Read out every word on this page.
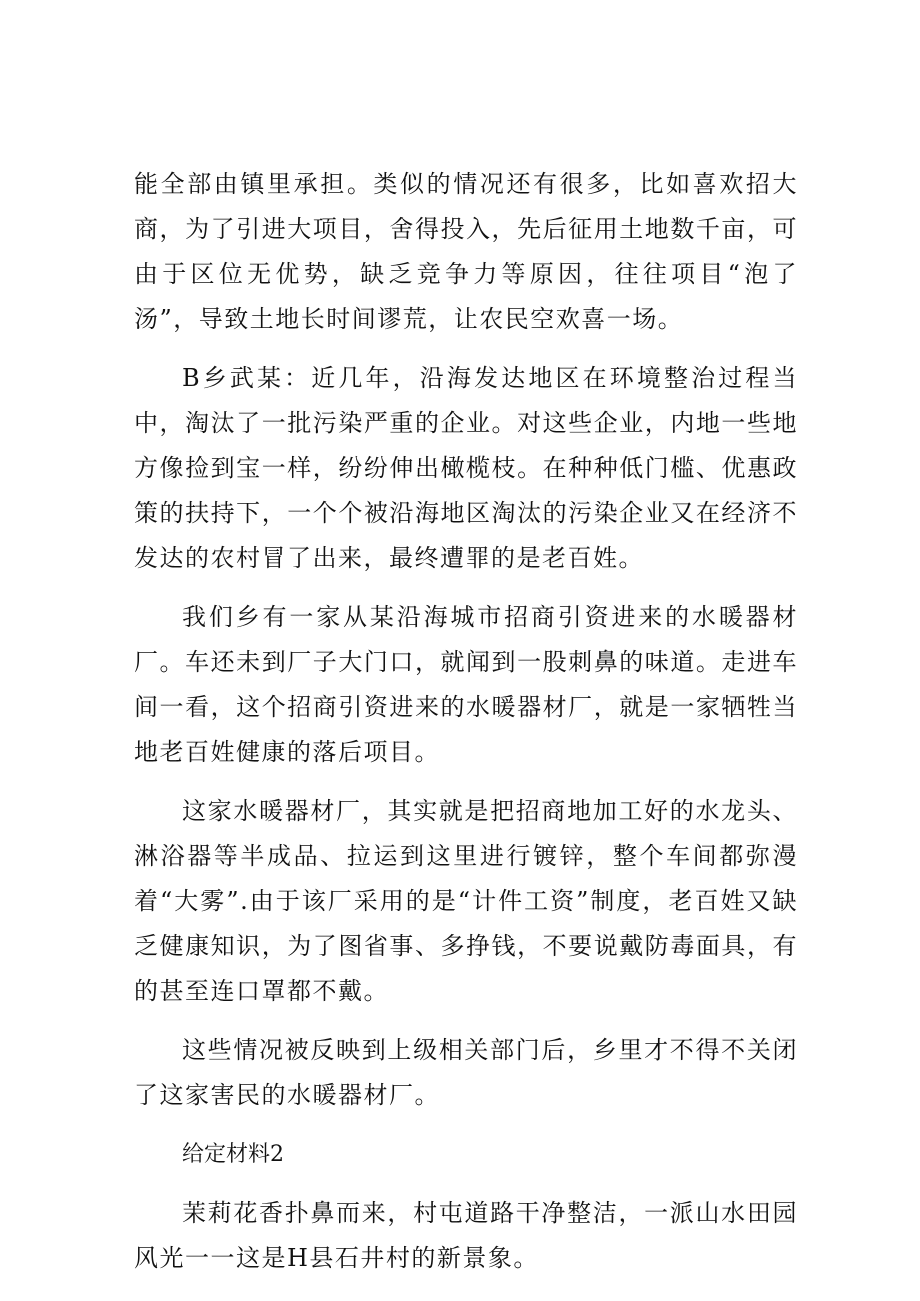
能全部由镇里承担。类似的情况还有很多，比如喜欢招大商，为了引进大项目，舍得投入，先后征用土地数千亩，可由于区位无优势，缺乏竞争力等原因，往往项目“泡了汤”，导致土地长时间谬荒，让农民空欢喜一场。

B乡武某：近几年，沿海发达地区在环境整治过程当中，淘汰了一批污染严重的企业。对这些企业，内地一些地方像捡到宝一样，纷纷伸出橄榄枝。在种种低门槛、优惠政策的扶持下，一个个被沿海地区淘汰的污染企业又在经济不发达的农村冒了出来，最终遭罪的是老百姓。

我们乡有一家从某沿海城市招商引资进来的水暖器材厂。车还未到厂子大门口，就闻到一股刺鼻的味道。走进车间一看，这个招商引资进来的水暖器材厂，就是一家牺牲当地老百姓健康的落后项目。

这家水暖器材厂，其实就是把招商地加工好的水龙头、淋浴器等半成品、拉运到这里进行镀锌，整个车间都弥漫着“大雾”.由于该厂采用的是“计件工资”制度，老百姓又缺乏健康知识，为了图省事、多挣钱，不要说戴防毒面具，有的甚至连口罩都不戴。

这些情况被反映到上级相关部门后，乡里才不得不关闭了这家害民的水暖器材厂。

给定材料2

茉莉花香扑鼻而来，村屯道路干净整洁，一派山水田园风光一一这是H县石井村的新景象。
